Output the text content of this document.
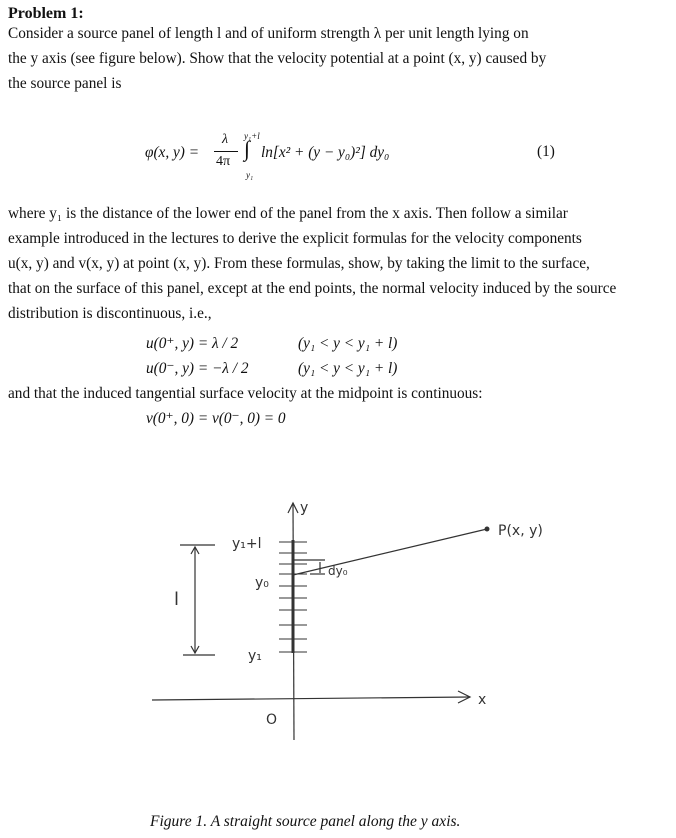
Problem 1:
Consider a source panel of length l and of uniform strength λ per unit length lying on
the y axis (see figure below). Show that the velocity potential at a point (x, y) caused by
the source panel is
φ(x, y) =
λ
4π
y₁+l
∫
y₁
ln[x² + (y − y₀)²] dy₀	(1)
where y₁ is the distance of the lower end of the panel from the x axis. Then follow a similar
example introduced in the lectures to derive the explicit formulas for the velocity components
u(x, y) and v(x, y) at point (x, y). From these formulas, show, by taking the limit to the surface,
that on the surface of this panel, except at the end points, the normal velocity induced by the source
distribution is discontinuous, i.e.,
u(0⁺, y) = λ / 2	(y₁ < y < y₁ + l)
u(0⁻, y) = −λ / 2	(y₁ < y < y₁ + l)
and that the induced tangential surface velocity at the midpoint is continuous:
v(0⁺, 0) = v(0⁻, 0) = 0
y
x
O
P(x, y)
y₁+l
y₀
y₁
l
dy₀
Figure 1. A straight source panel along the y axis.
